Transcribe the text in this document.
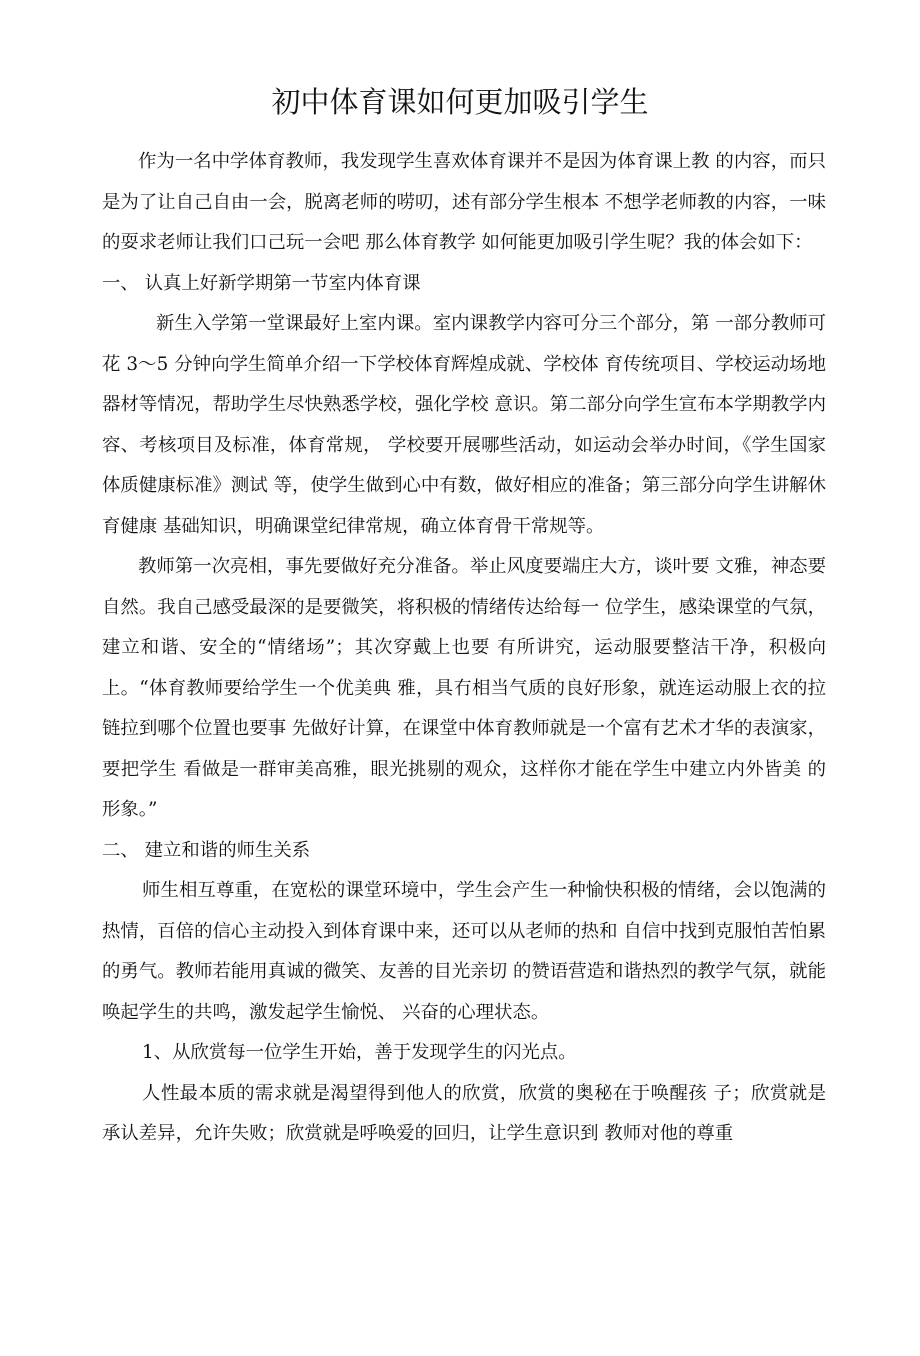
初中体育课如何更加吸引学生

作为一名中学体育教师，我发现学生喜欢体育课并不是因为体育课上教 的内容，而只是为了让自己自由一会，脱离老师的唠叨，述有部分学生根本 不想学老师教的内容，一味的耍求老师让我们口己玩一会吧 那么体育教学 如何能更加吸引学生呢？我的体会如下：

一、 认真上好新学期第一节室内体育课

新生入学第一堂课最好上室内课。室内课教学内容可分三个部分，第 一部分教师可花 3～5 分钟向学生简单介绍一下学校体育辉煌成就、学校体 育传统项目、学校运动场地器材等情况，帮助学生尽快熟悉学校，强化学校 意识。第二部分向学生宣布本学期教学内容、考核项目及标准，体育常规， 学校要开展哪些活动，如运动会举办时间，《学生国家体质健康标准》测试 等，使学生做到心中有数，做好相应的准备；第三部分向学生讲解休育健康 基础知识，明确课堂纪律常规，确立体育骨干常规等。

教师第一次亮相，事先要做好充分准备。举止风度要端庄大方，谈叶要 文雅，神态要自然。我自己感受最深的是要微笑，将积极的情绪传达给每一 位学生，感染课堂的气氛，建立和谐、安全的“情绪场”；其次穿戴上也要 有所讲究，运动服要整洁干净，积极向上。“体育教师要给学生一个优美典 雅，具冇相当气质的良好形象，就连运动服上衣的拉链拉到哪个位置也要事 先做好计算，在课堂中体育教师就是一个富有艺术才华的表演家，要把学生 看做是一群审美高雅，眼光挑剔的观众，这样你才能在学生中建立内外皆美 的形象。”

二、 建立和谐的师生关系

师生相互尊重，在宽松的课堂环境中，学生会产生一种愉快积极的情绪，会以饱满的热情，百倍的信心主动投入到体育课中来，还可以从老师的热和 自信中找到克服怕苦怕累的勇气。教师若能用真诚的微笑、友善的目光亲切 的赞语营造和谐热烈的教学气氛，就能唤起学生的共鸣，激发起学生愉悦、 兴奋的心理状态。

1、从欣赏每一位学生开始，善于发现学生的闪光点。

人性最本质的需求就是渴望得到他人的欣赏，欣赏的奥秘在于唤醒孩 子；欣赏就是承认差异，允许失败；欣赏就是呼唤爱的回归，让学生意识到 教师对他的尊重
